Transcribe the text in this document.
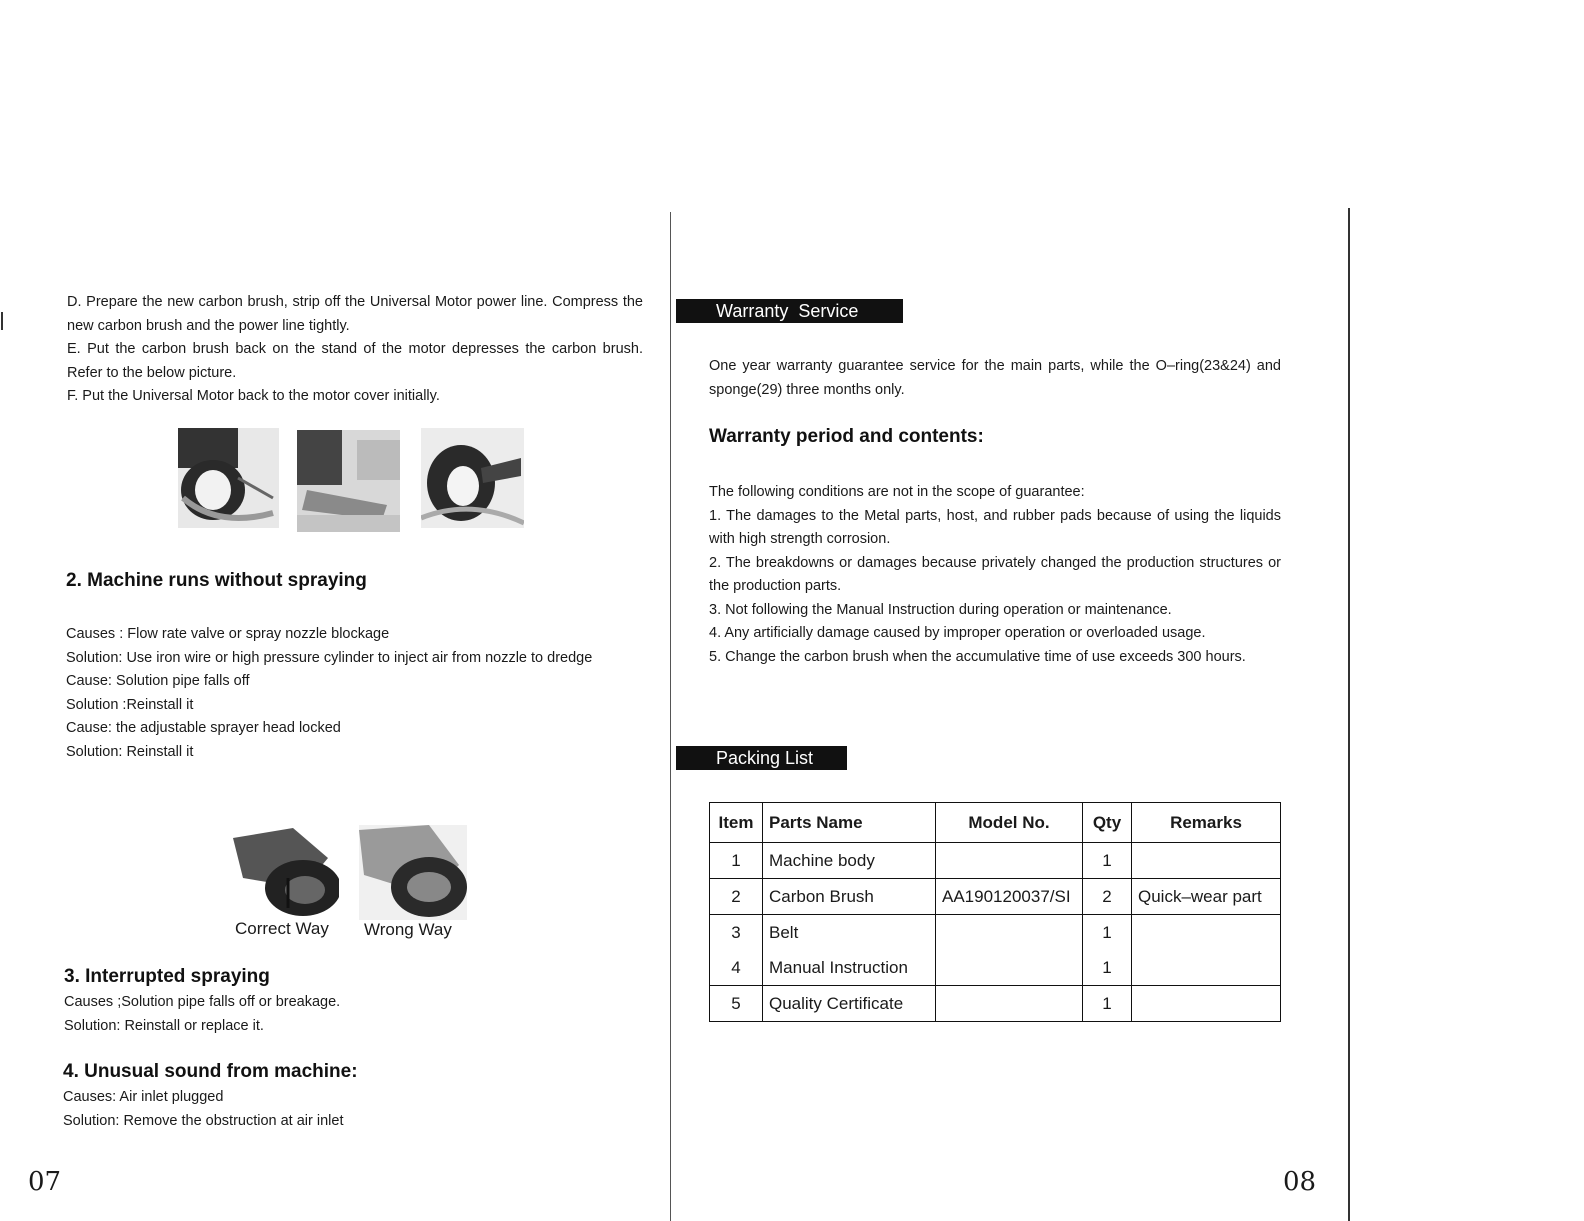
D. Prepare the new carbon brush, strip off the Universal Motor power line. Compress the new carbon brush and the power line tightly.
E. Put the carbon brush back on the stand of the motor depresses the carbon brush. Refer to the below picture.
F. Put the Universal Motor back to the motor cover initially.
2. Machine runs without spraying
Causes : Flow rate valve or spray nozzle blockage
Solution: Use iron wire or high pressure cylinder to inject air from nozzle to dredge
Cause: Solution pipe falls off
Solution :Reinstall it
Cause: the adjustable sprayer head locked
Solution: Reinstall it
Correct Way Wrong Way
3. Interrupted spraying
Causes ;Solution pipe falls off or breakage.
Solution: Reinstall or replace it.
4. Unusual sound from machine:
Causes: Air inlet plugged
Solution: Remove the obstruction at air inlet
07
Warranty  Service
One year warranty guarantee service for the main parts, while the O–ring(23&24) and sponge(29) three months only.
Warranty period and contents:
The following conditions are not in the scope of guarantee:
1. The damages to the Metal parts, host, and rubber pads because of using the liquids with high strength corrosion.
2. The breakdowns or damages because privately changed the production structures or the production parts.
3. Not following the Manual Instruction during operation or maintenance.
4. Any artificially damage caused by improper operation or overloaded usage.
5. Change the carbon brush when the accumulative time of use exceeds 300 hours.
Packing List
Item	Parts Name	Model No.	Qty	Remarks
1	Machine body		1	
2	Carbon Brush	AA190120037/SI	2	Quick–wear part
3	Belt		1	
4	Manual Instruction		1	
5	Quality Certificate		1	
08
